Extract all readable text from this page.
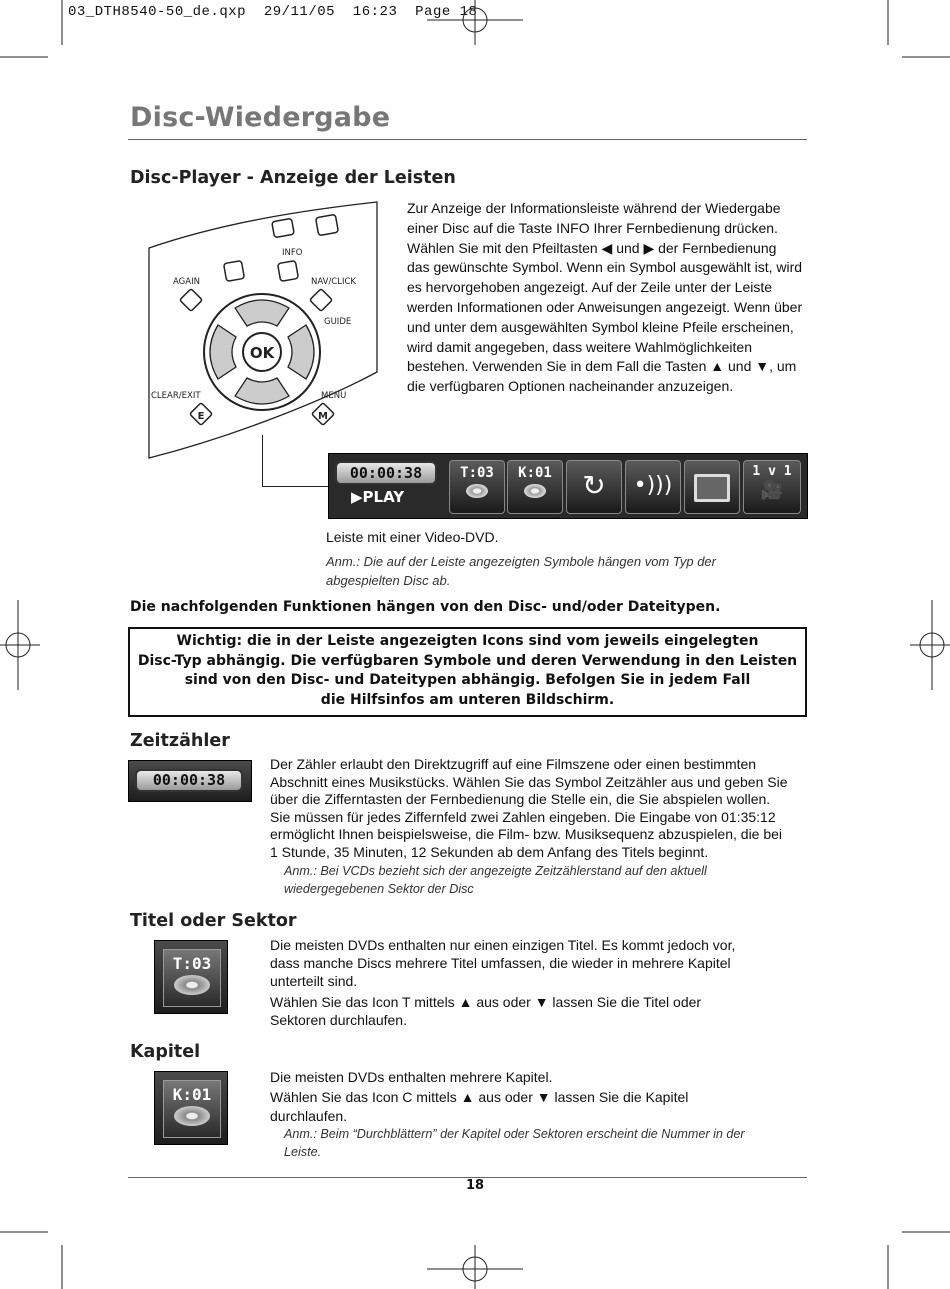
03_DTH8540-50_de.qxp  29/11/05  16:23  Page 18
Disc-Wiedergabe
Disc-Player - Anzeige der Leisten
INFO
AGAIN	NAV/CLICK
GUIDE
CLEAR/EXIT	MENU
OK
E	M
Zur Anzeige der Informationsleiste während der Wiedergabe
einer Disc auf die Taste INFO Ihrer Fernbedienung drücken.
Wählen Sie mit den Pfeiltasten ◀ und ▶ der Fernbedienung
das gewünschte Symbol. Wenn ein Symbol ausgewählt ist, wird
es hervorgehoben angezeigt. Auf der Zeile unter der Leiste
werden Informationen oder Anweisungen angezeigt. Wenn über
und unter dem ausgewählten Symbol kleine Pfeile erscheinen,
wird damit angegeben, dass weitere Wahlmöglichkeiten
bestehen. Verwenden Sie in dem Fall die Tasten ▲ und ▼, um
die verfügbaren Optionen nacheinander anzuzeigen.
00:00:38
▶PLAY
T:03	K:01	↻	•)))
1 v 1
🎥
Leiste mit einer Video-DVD.
Anm.: Die auf der Leiste angezeigten Symbole hängen vom Typ der
abgespielten Disc ab.
Die nachfolgenden Funktionen hängen von den Disc- und/oder Dateitypen.
Wichtig: die in der Leiste angezeigten Icons sind vom jeweils eingelegten
Disc-Typ abhängig. Die verfügbaren Symbole und deren Verwendung in den Leisten
sind von den Disc- und Dateitypen abhängig. Befolgen Sie in jedem Fall
die Hilfsinfos am unteren Bildschirm.
Zeitzähler
00:00:38
Der Zähler erlaubt den Direktzugriff auf eine Filmszene oder einen bestimmten
Abschnitt eines Musikstücks. Wählen Sie das Symbol Zeitzähler aus und geben Sie
über die Zifferntasten der Fernbedienung die Stelle ein, die Sie abspielen wollen.
Sie müssen für jedes Ziffernfeld zwei Zahlen eingeben. Die Eingabe von 01:35:12
ermöglicht Ihnen beispielsweise, die Film- bzw. Musiksequenz abzuspielen, die bei
1 Stunde, 35 Minuten, 12 Sekunden ab dem Anfang des Titels beginnt.
Anm.: Bei VCDs bezieht sich der angezeigte Zeitzählerstand auf den aktuell
wiedergegebenen Sektor der Disc
Titel oder Sektor
T:03
Die meisten DVDs enthalten nur einen einzigen Titel. Es kommt jedoch vor,
dass manche Discs mehrere Titel umfassen, die wieder in mehrere Kapitel
unterteilt sind.
Wählen Sie das Icon T mittels ▲ aus oder ▼ lassen Sie die Titel oder
Sektoren durchlaufen.
Kapitel
K:01
Die meisten DVDs enthalten mehrere Kapitel.
Wählen Sie das Icon C mittels ▲ aus oder ▼ lassen Sie die Kapitel
durchlaufen.
Anm.: Beim “Durchblättern” der Kapitel oder Sektoren erscheint die Nummer in der
Leiste.
18
